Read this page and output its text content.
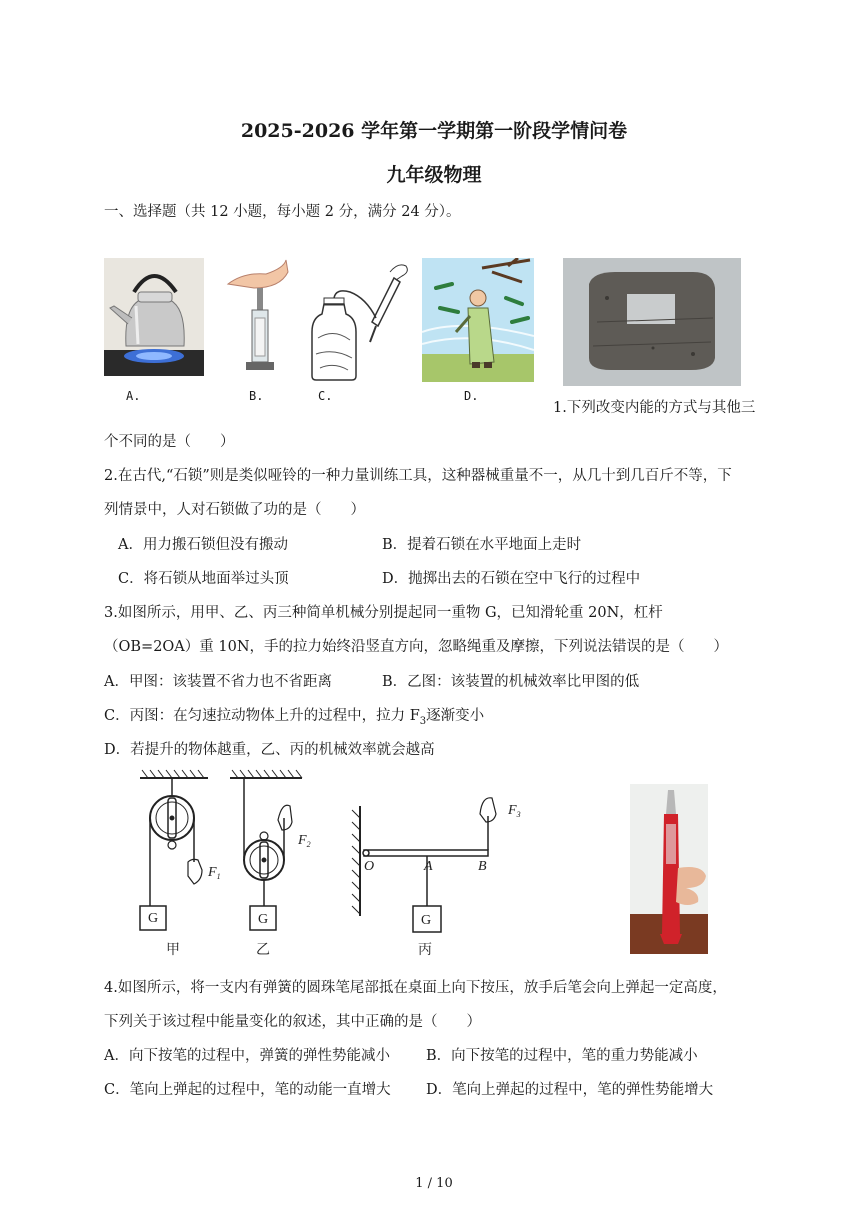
2025-2026 学年第一学期第一阶段学情问卷
九年级物理
一、选择题（共 12 小题，每小题 2 分，满分 24 分）。
A.	B.	C.	D.
1.下列改变内能的方式与其他三
个不同的是（　　）
2.在古代,“石锁”则是类似哑铃的一种力量训练工具，这种器械重量不一，从几十到几百斤不等，下
列情景中，人对石锁做了功的是（　　）
A．用力搬石锁但没有搬动	B．提着石锁在水平地面上走时
C．将石锁从地面举过头顶	D．抛掷出去的石锁在空中飞行的过程中
3.如图所示，用甲、乙、丙三种简单机械分别提起同一重物 G，已知滑轮重 20N，杠杆
（OB=2OA）重 10N，手的拉力始终沿竖直方向，忽略绳重及摩擦，下列说法错误的是（　　）
A．甲图：该装置不省力也不省距离	B．乙图：该装置的机械效率比甲图的低
C．丙图：在匀速拉动物体上升的过程中，拉力 $F_3$逐渐变小
D．若提升的物体越重，乙、丙的机械效率就会越高
G	G	G
$F_1$
$F_2$
$F_3$
O	A	B
甲	乙	丙
4.如图所示，将一支内有弹簧的圆珠笔尾部抵在桌面上向下按压，放手后笔会向上弹起一定高度，
下列关于该过程中能量变化的叙述，其中正确的是（　　）
A．向下按笔的过程中，弹簧的弹性势能减小 B．向下按笔的过程中，笔的重力势能减小
C．笔向上弹起的过程中，笔的动能一直增大 D．笔向上弹起的过程中，笔的弹性势能增大
1 / 10
